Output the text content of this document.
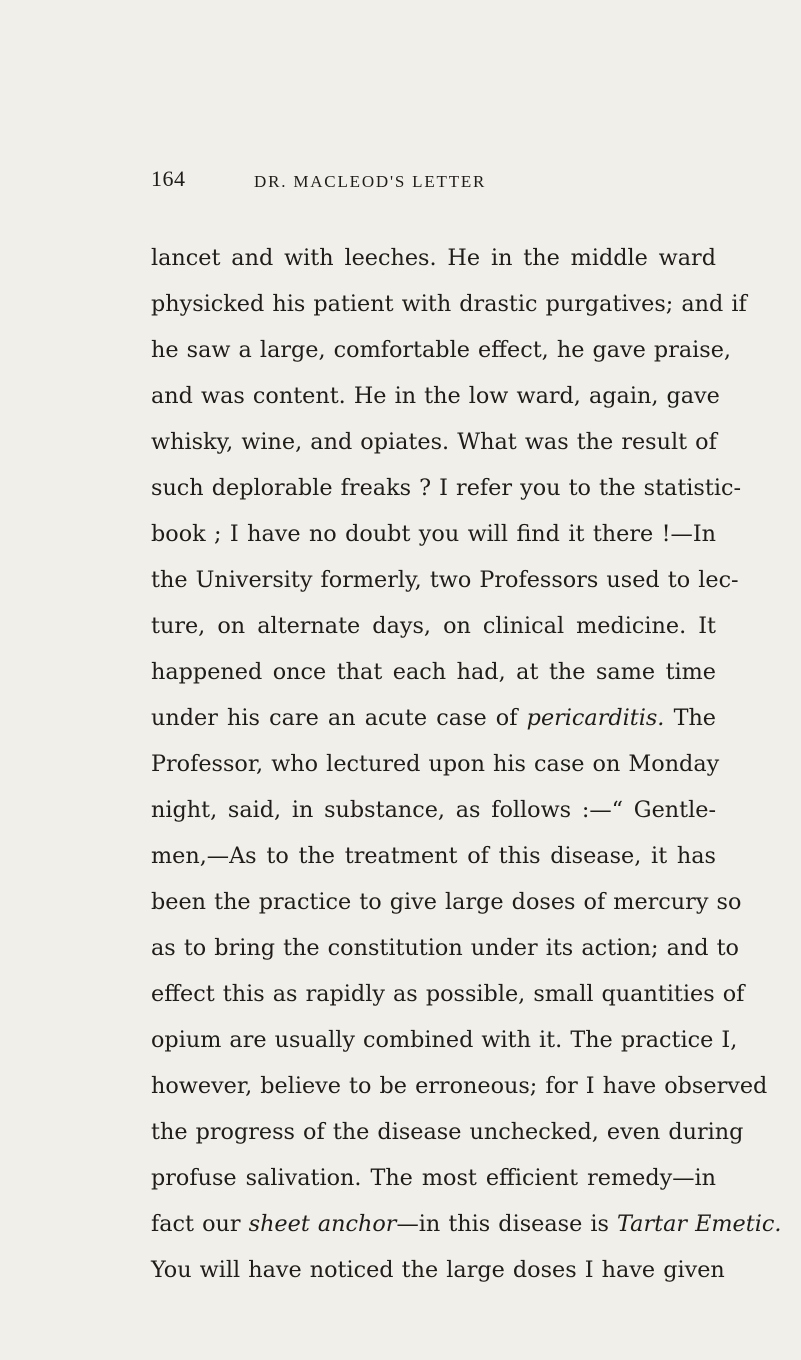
164	DR. MACLEOD'S LETTER
lancet and with leeches. He in the middle ward
physicked his patient with drastic purgatives; and if
he saw a large, comfortable effect, he gave praise,
and was content. He in the low ward, again, gave
whisky, wine, and opiates. What was the result of
such deplorable freaks ? I refer you to the statistic-
book ; I have no doubt you will find it there !—In
the University formerly, two Professors used to lec-
ture, on alternate days, on clinical medicine. It
happened once that each had, at the same time
under his care an acute case of pericarditis. The
Professor, who lectured upon his case on Monday
night, said, in substance, as follows :—“ Gentle-
men,—As to the treatment of this disease, it has
been the practice to give large doses of mercury so
as to bring the constitution under its action; and to
effect this as rapidly as possible, small quantities of
opium are usually combined with it. The practice I,
however, believe to be erroneous; for I have observed
the progress of the disease unchecked, even during
profuse salivation. The most efficient remedy—in
fact our sheet anchor—in this disease is Tartar Emetic.
You will have noticed the large doses I have given
